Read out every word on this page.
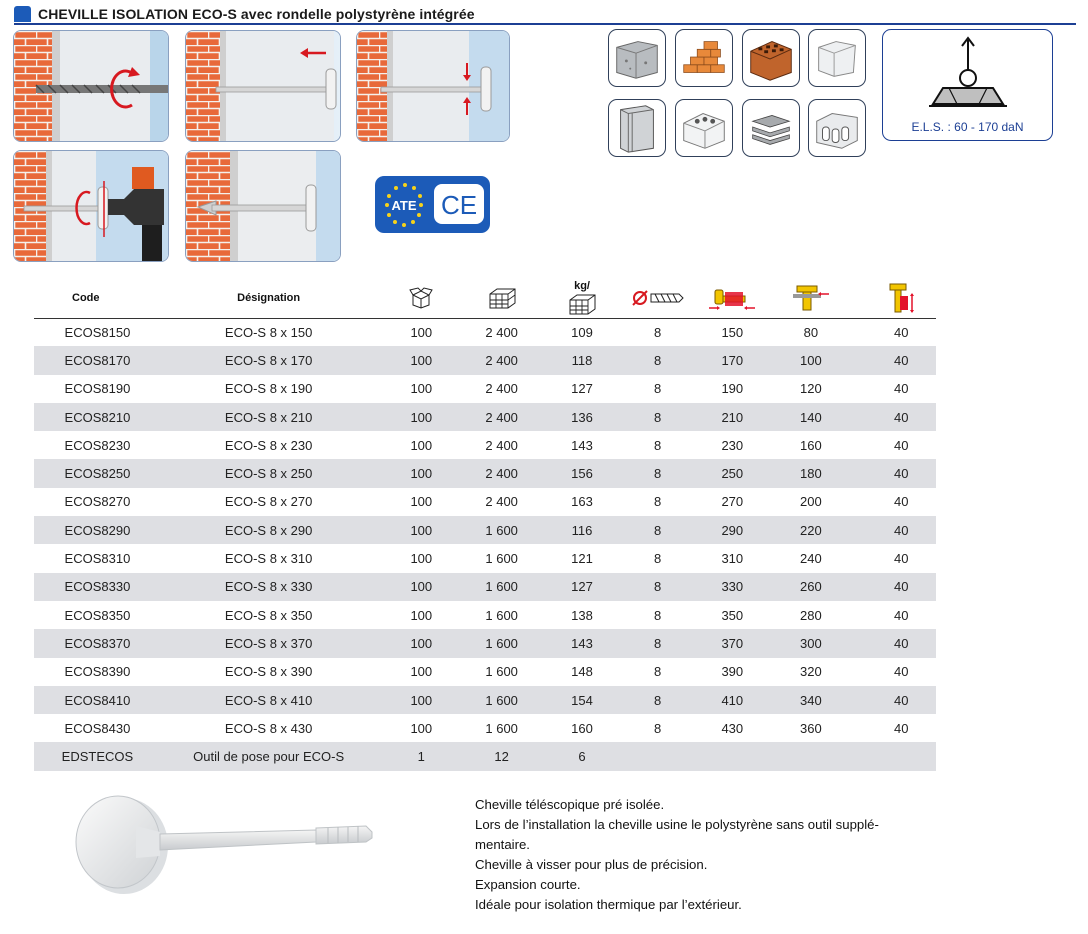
CHEVILLE ISOLATION ECO-S avec rondelle polystyrène intégrée
ATE CE
E.L.S. : 60 - 170 daN
Code	Désignation			kg/				
ECOS8150	ECO-S 8 x 150	100	2 400	109	8	150	80	40
ECOS8170	ECO-S 8 x 170	100	2 400	118	8	170	100	40
ECOS8190	ECO-S 8 x 190	100	2 400	127	8	190	120	40
ECOS8210	ECO-S 8 x 210	100	2 400	136	8	210	140	40
ECOS8230	ECO-S 8 x 230	100	2 400	143	8	230	160	40
ECOS8250	ECO-S 8 x 250	100	2 400	156	8	250	180	40
ECOS8270	ECO-S 8 x 270	100	2 400	163	8	270	200	40
ECOS8290	ECO-S 8 x 290	100	1 600	116	8	290	220	40
ECOS8310	ECO-S 8 x 310	100	1 600	121	8	310	240	40
ECOS8330	ECO-S 8 x 330	100	1 600	127	8	330	260	40
ECOS8350	ECO-S 8 x 350	100	1 600	138	8	350	280	40
ECOS8370	ECO-S 8 x 370	100	1 600	143	8	370	300	40
ECOS8390	ECO-S 8 x 390	100	1 600	148	8	390	320	40
ECOS8410	ECO-S 8 x 410	100	1 600	154	8	410	340	40
ECOS8430	ECO-S 8 x 430	100	1 600	160	8	430	360	40
EDSTECOS	Outil de pose pour ECO-S	1	12	6				

Cheville téléscopique pré isolée.

Lors de l’installation la cheville usine le polystyrène sans outil supplé-

mentaire.

Cheville à visser pour plus de précision.

Expansion courte.

Idéale pour isolation thermique par l’extérieur.
